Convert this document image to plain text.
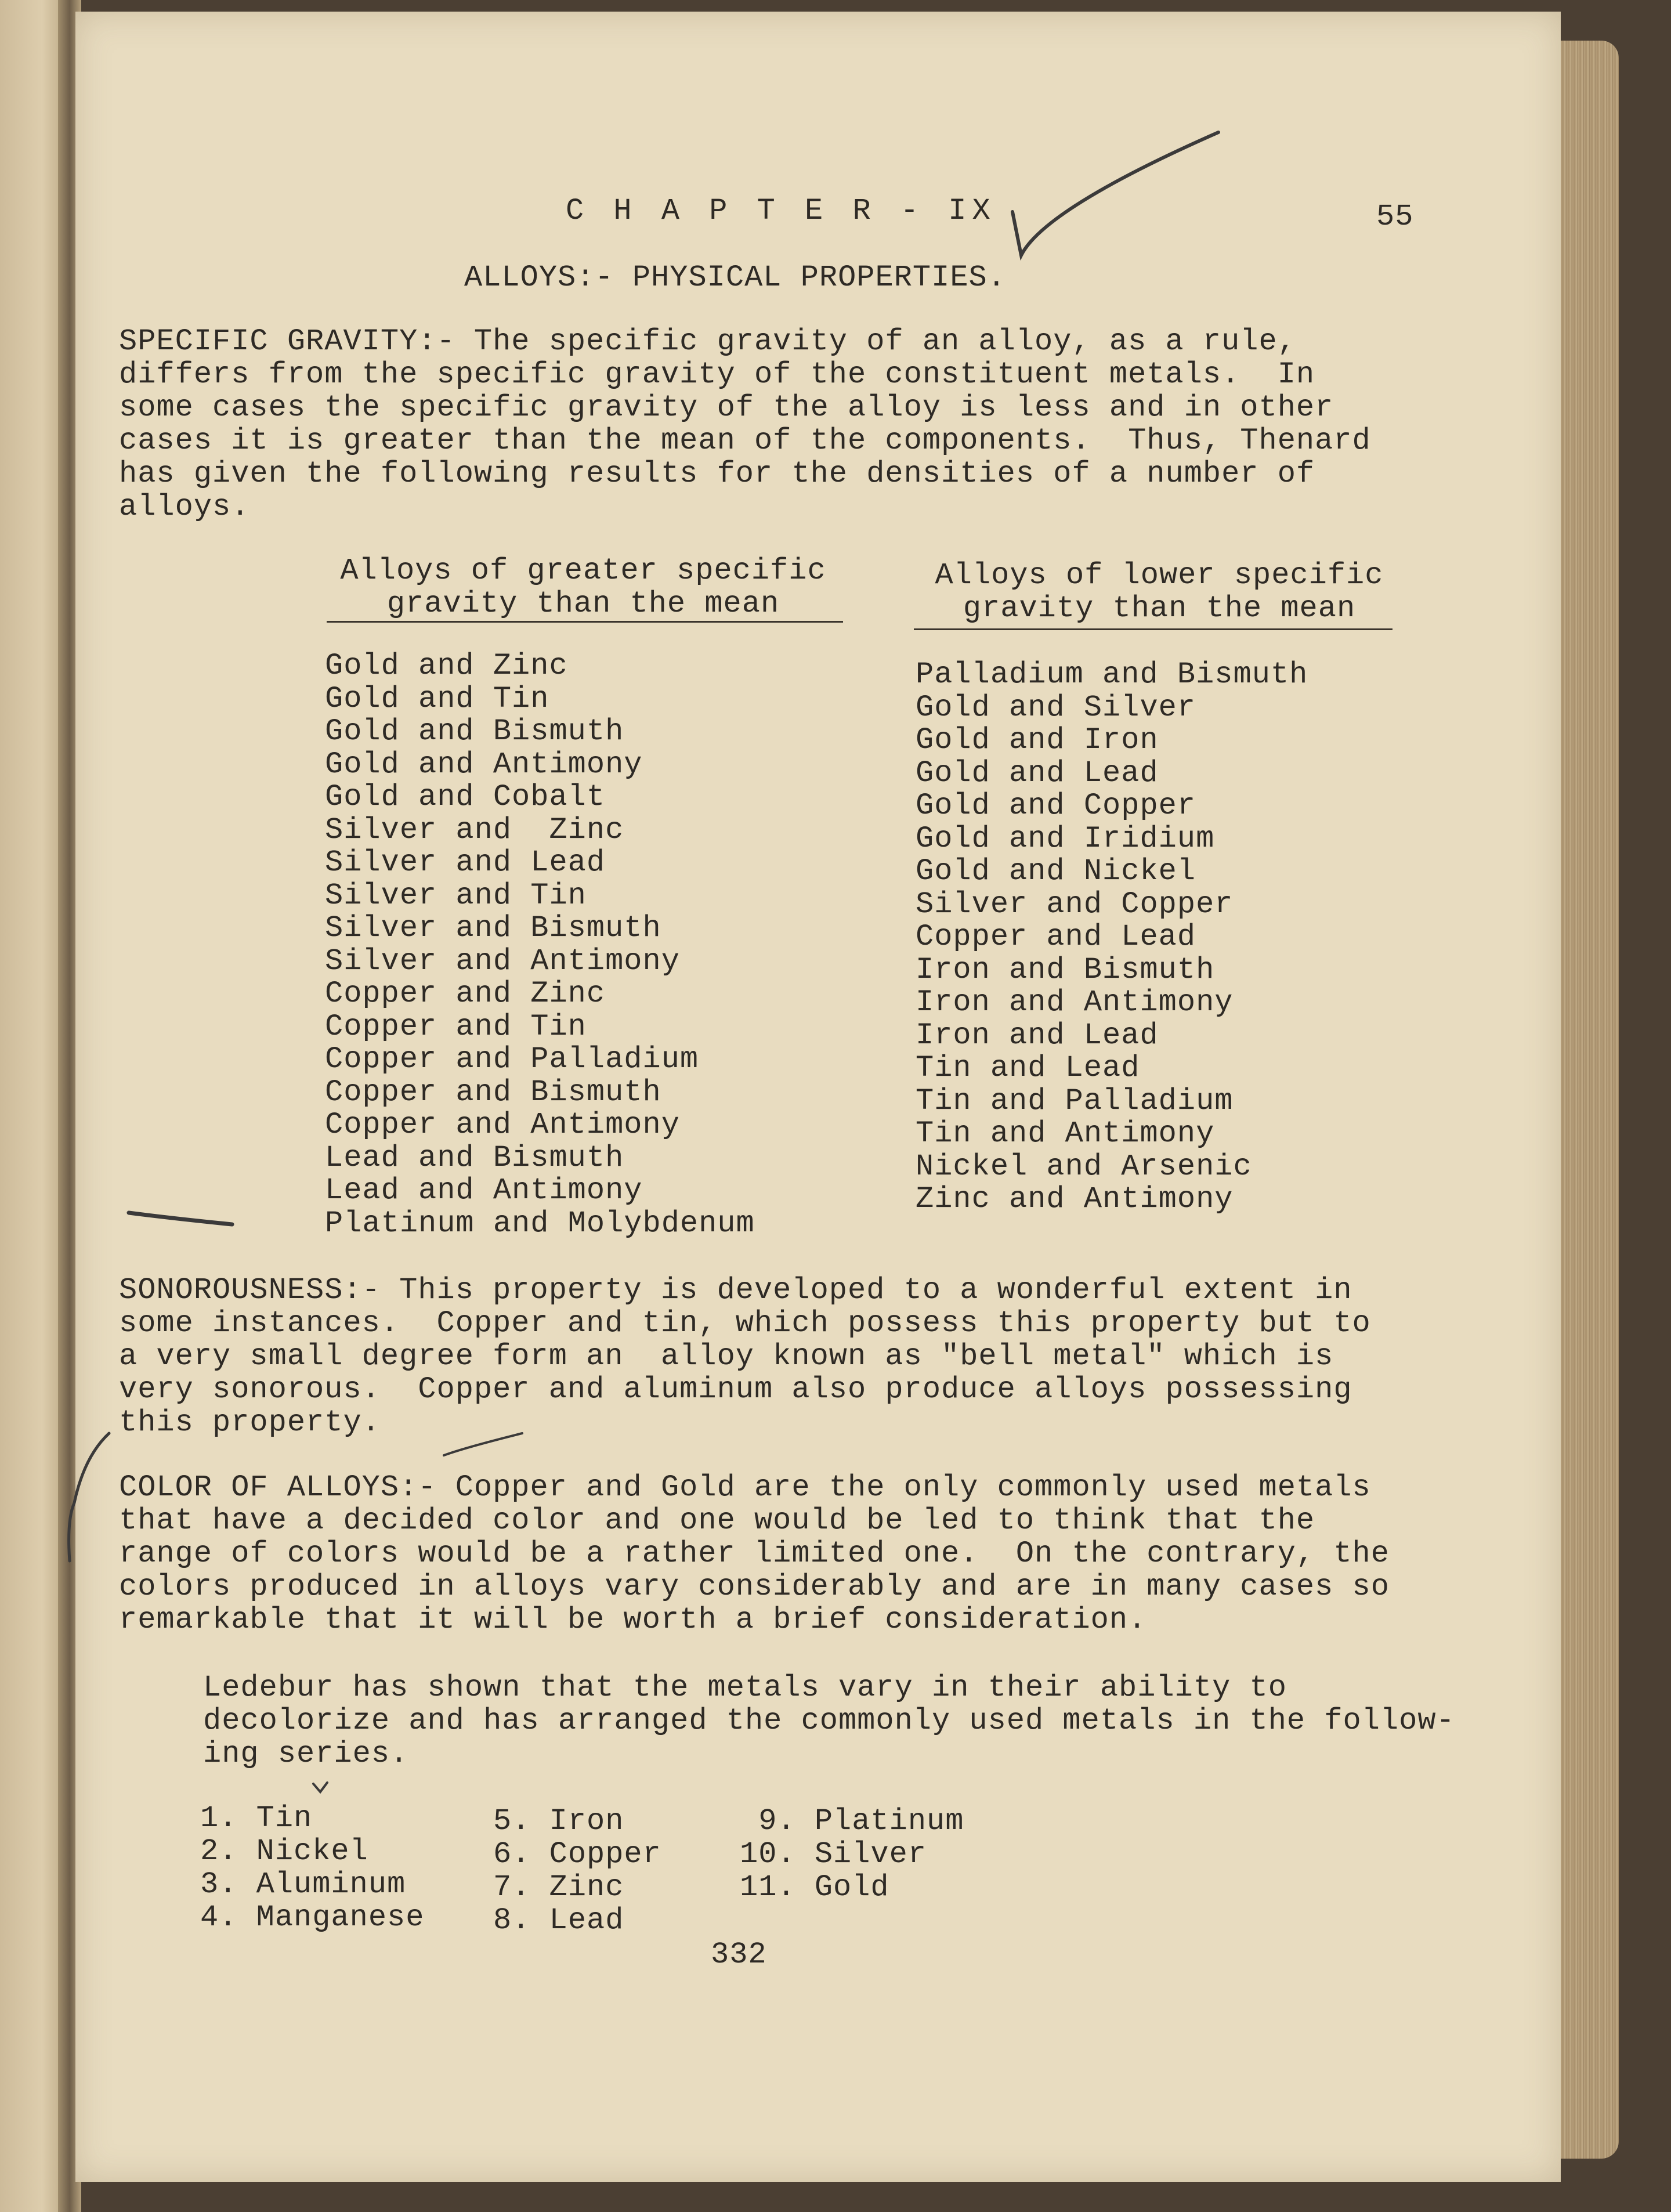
C H A P T E R - IX	55

ALLOYS:- PHYSICAL PROPERTIES.

SPECIFIC GRAVITY:- The specific gravity of an alloy, as a rule,
differs from the specific gravity of the constituent metals.  In
some cases the specific gravity of the alloy is less and in other
cases it is greater than the mean of the components.  Thus, Thenard
has given the following results for the densities of a number of
alloys.

Alloys of greater specific
gravity than the mean

Alloys of lower specific
gravity than the mean

Gold and Zinc
Gold and Tin
Gold and Bismuth
Gold and Antimony
Gold and Cobalt
Silver and  Zinc
Silver and Lead
Silver and Tin
Silver and Bismuth
Silver and Antimony
Copper and Zinc
Copper and Tin
Copper and Palladium
Copper and Bismuth
Copper and Antimony
Lead and Bismuth
Lead and Antimony
Platinum and Molybdenum
Palladium and Bismuth
Gold and Silver
Gold and Iron
Gold and Lead
Gold and Copper
Gold and Iridium
Gold and Nickel
Silver and Copper
Copper and Lead
Iron and Bismuth
Iron and Antimony
Iron and Lead
Tin and Lead
Tin and Palladium
Tin and Antimony
Nickel and Arsenic
Zinc and Antimony

SONOROUSNESS:- This property is developed to a wonderful extent in
some instances.  Copper and tin, which possess this property but to
a very small degree form an  alloy known as "bell metal" which is
very sonorous.  Copper and aluminum also produce alloys possessing
this property.

COLOR OF ALLOYS:- Copper and Gold are the only commonly used metals
that have a decided color and one would be led to think that the
range of colors would be a rather limited one.  On the contrary, the
colors produced in alloys vary considerably and are in many cases so
remarkable that it will be worth a brief consideration.

Ledebur has shown that the metals vary in their ability to
decolorize and has arranged the commonly used metals in the follow-
ing series.

1. Tin
2. Nickel
3. Aluminum
4. Manganese
5. Iron
6. Copper
7. Zinc
8. Lead
9. Platinum
10. Silver
11. Gold

332
